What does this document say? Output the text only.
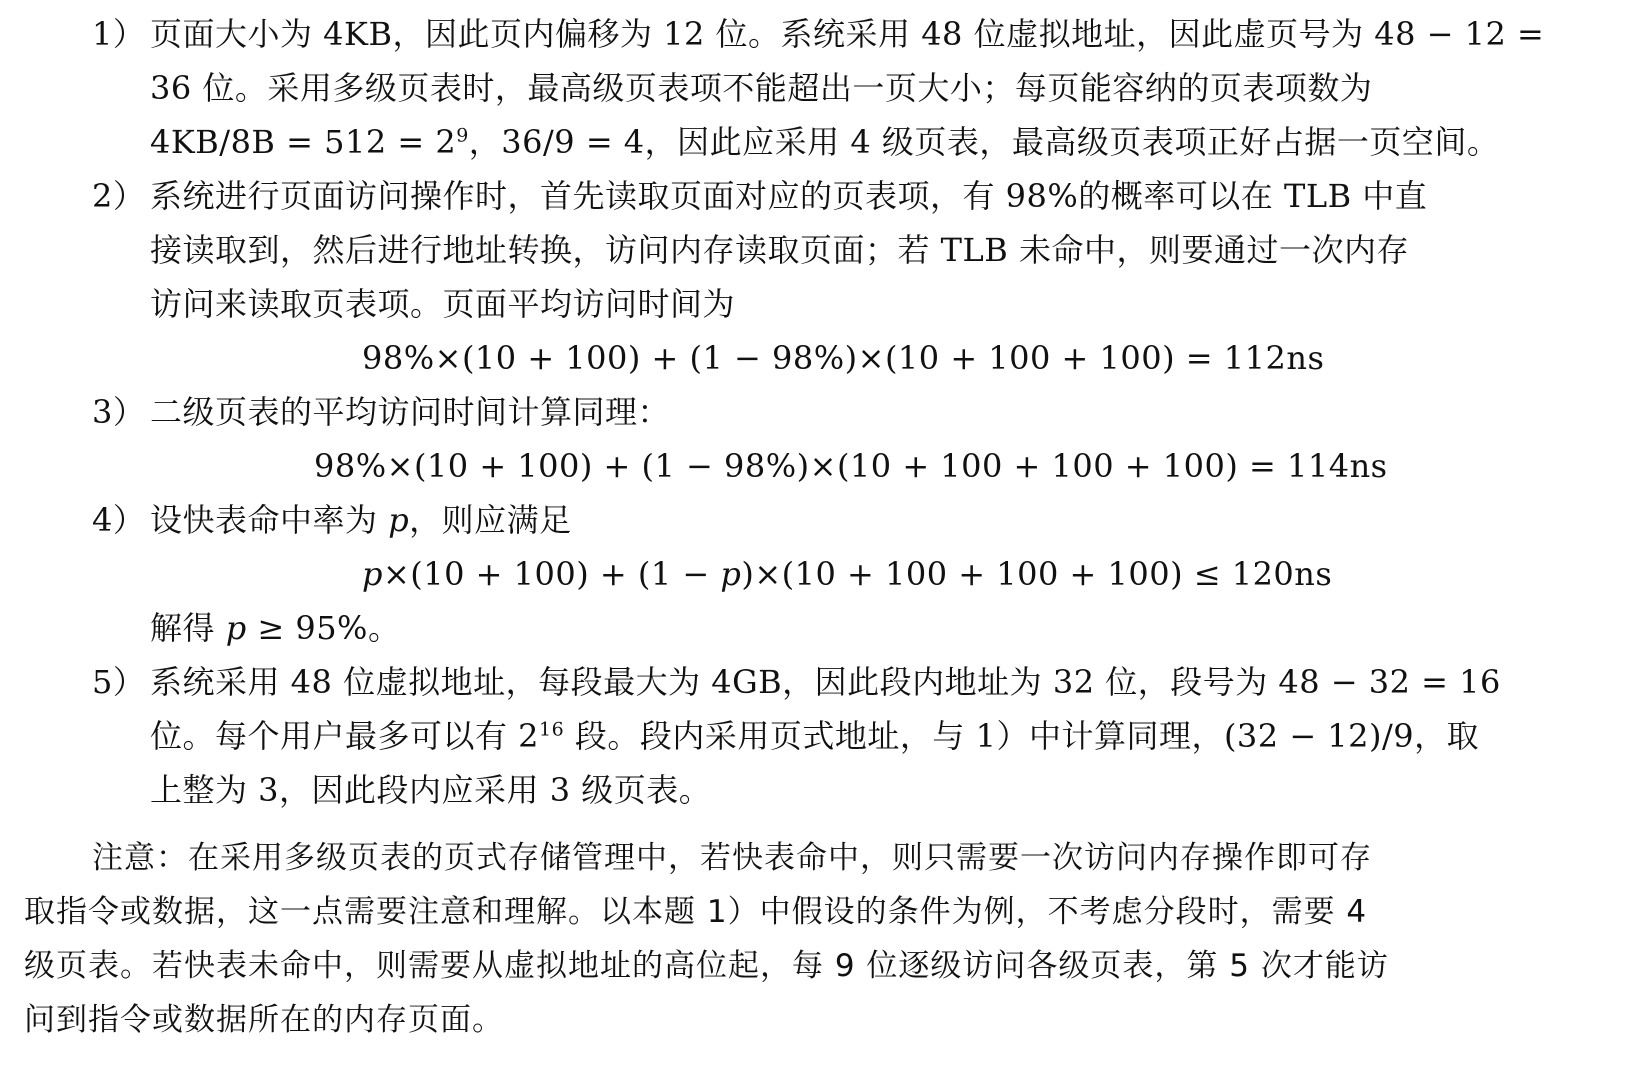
1） 页面大小为 4KB，因此页内偏移为 12 位。系统采用 48 位虚拟地址，因此虚页号为 48 − 12 =
36 位。采用多级页表时，最高级页表项不能超出一页大小；每页能容纳的页表项数为
$4KB/8B = 512 = 2^9$，36/9 = 4，因此应采用 4 级页表，最高级页表项正好占据一页空间。
2） 系统进行页面访问操作时，首先读取页面对应的页表项，有 98%的概率可以在 TLB 中直
接读取到，然后进行地址转换，访问内存读取页面；若 TLB 未命中，则要通过一次内存
访问来读取页表项。页面平均访问时间为
98%×(10 + 100) + (1 − 98%)×(10 + 100 + 100) = 112ns
3） 二级页表的平均访问时间计算同理：
98%×(10 + 100) + (1 − 98%)×(10 + 100 + 100 + 100) = 114ns
4） 设快表命中率为 p，则应满足
p×(10 + 100) + (1 − p)×(10 + 100 + 100 + 100) ≤ 120ns
解得 p ≥ 95%。
5） 系统采用 48 位虚拟地址，每段最大为 4GB，因此段内地址为 32 位，段号为 48 − 32 = 16
位。每个用户最多可以有 $2^{16}$ 段。段内采用页式地址，与 1）中计算同理，(32 − 12)/9，取
上整为 3，因此段内应采用 3 级页表。
注意：在采用多级页表的页式存储管理中，若快表命中，则只需要一次访问内存操作即可存
取指令或数据，这一点需要注意和理解。以本题 1）中假设的条件为例，不考虑分段时，需要 4
级页表。若快表未命中，则需要从虚拟地址的高位起，每 9 位逐级访问各级页表，第 5 次才能访
问到指令或数据所在的内存页面。
